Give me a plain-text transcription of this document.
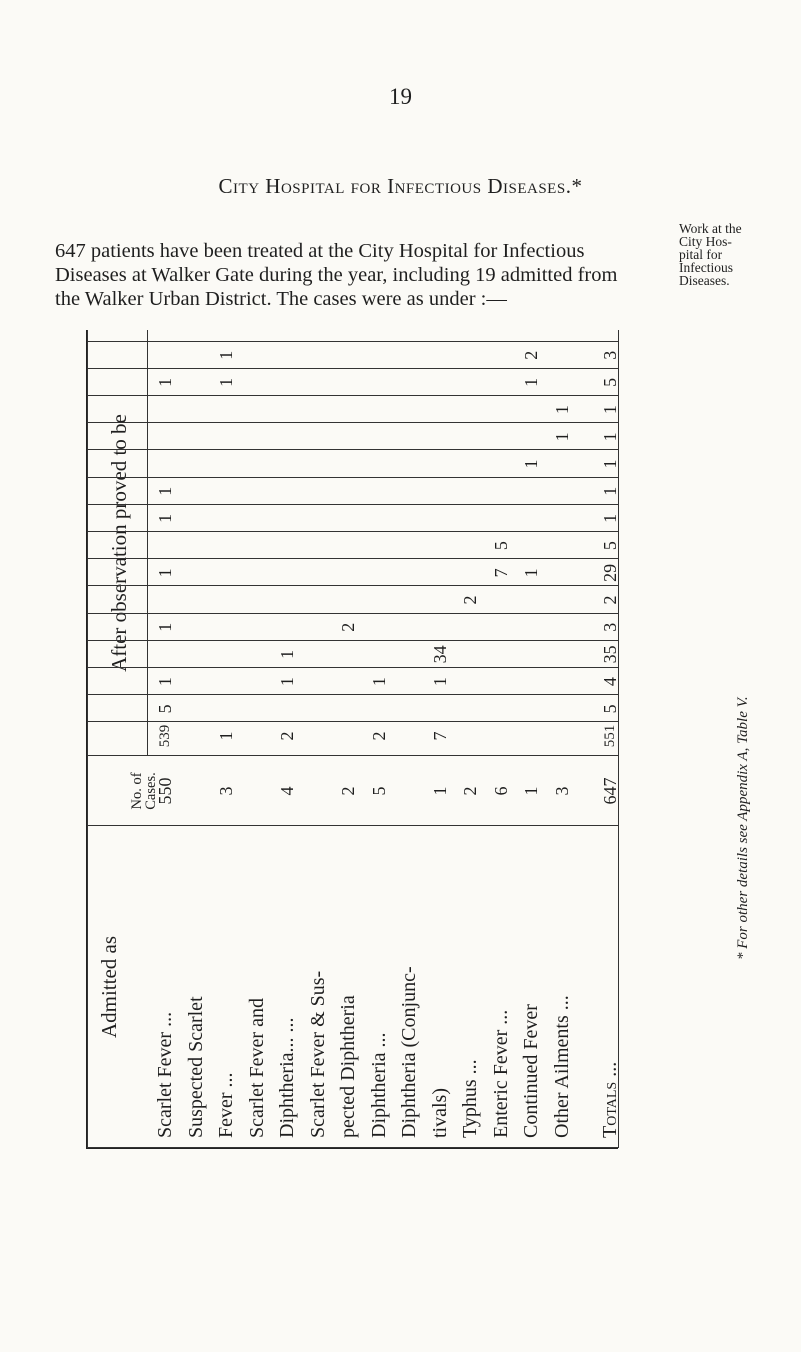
19
City Hospital for Infectious Diseases.*
647 patients have been treated at the City Hospital for Infectious
Diseases at Walker Gate during the year, including 19 admitted from
the Walker Urban District. The cases were as under :—
Work at the
City Hos-
pital for
Infectious
Diseases.
Admitted as
After observation proved to be
No. of Cases.
Scarlet Fever ...
550
539
5
1
1
1
1
1
1
Suspected Scarlet Fever ...
3
1
1
1
Scarlet Fever and Diphtheria... ...
4
2
1
1
Scarlet Fever & Sus- pected Diphtheria
2
2
Diphtheria ...
5
2
1
Diphtheria (Conjunc- tivals)
1
7
1
34
Typhus ...
2
2
Enteric Fever ...
6
7
5
Continued Fever
1
1
1
1
2
Other Ailments ...
3
1
1
Totals ...
647
551
5
4
35
3
2
29
5
1
1
1
1
1
5
3
* For other details see Appendix A, Table V.
